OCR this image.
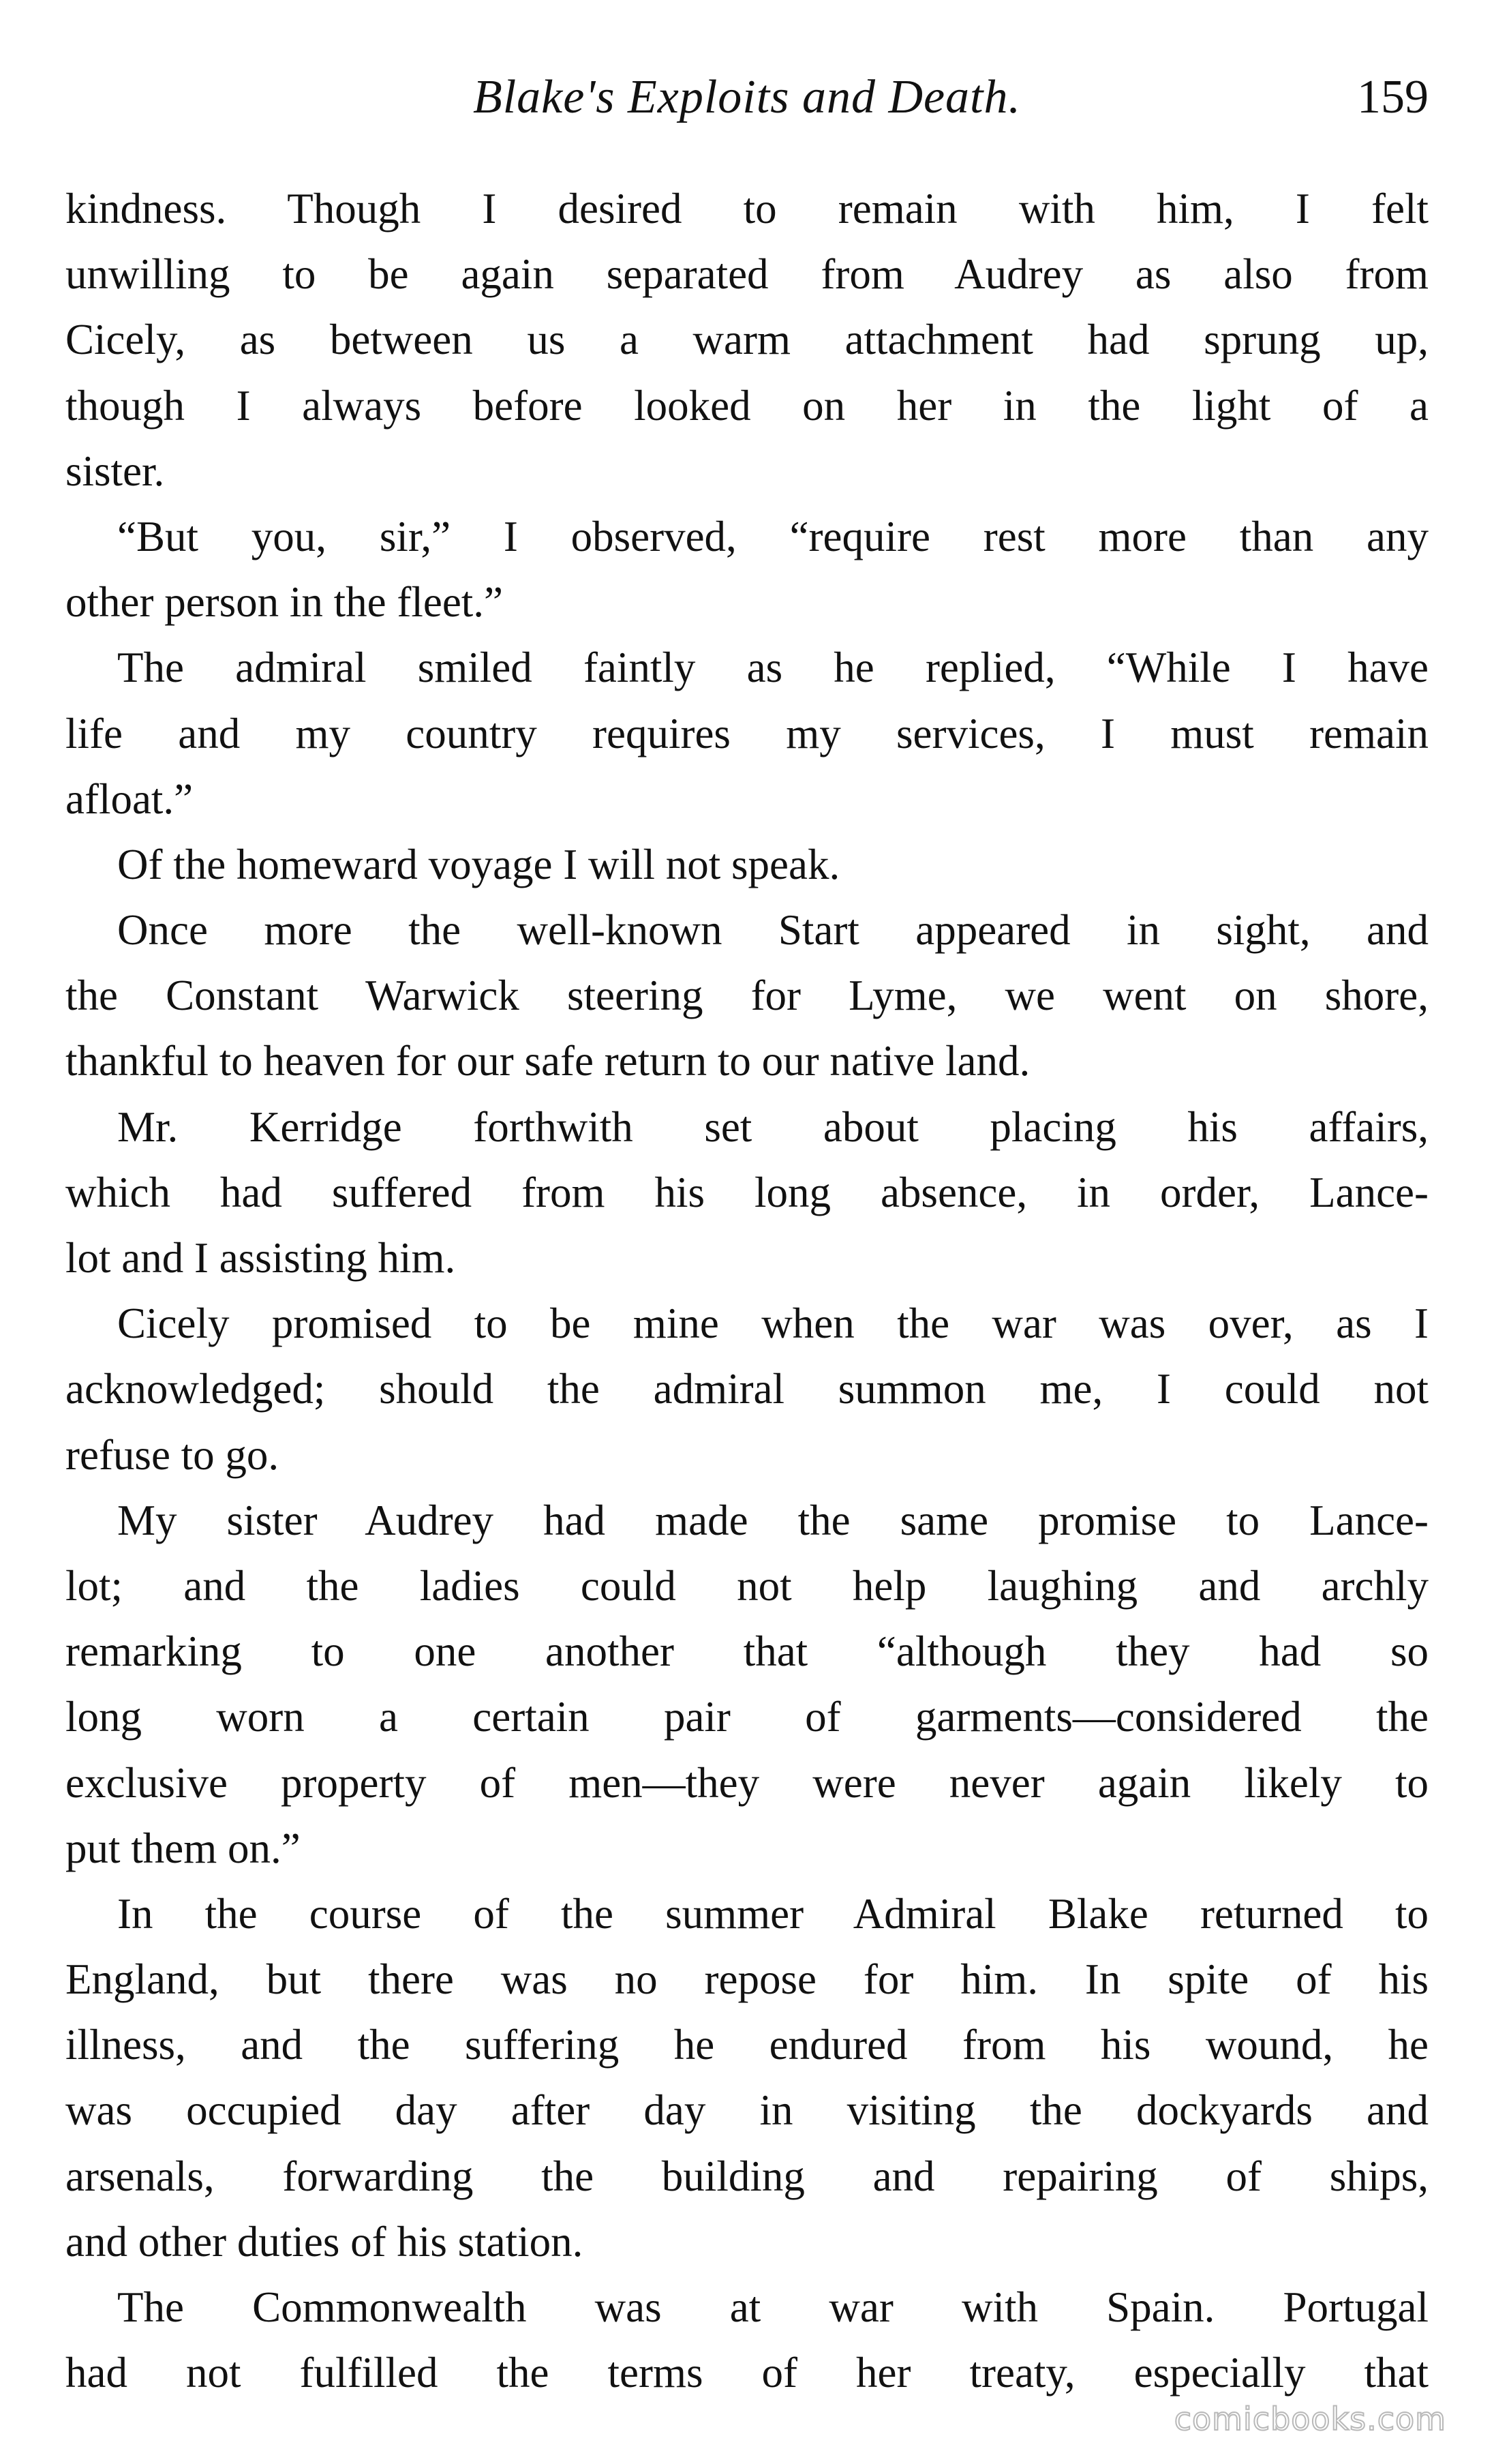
Blake's Exploits and Death.	159
kindness. Though I desired to remain with him, I felt
unwilling to be again separated from Audrey as also from
Cicely, as between us a warm attachment had sprung up,
though I always before looked on her in the light of a
sister.
“But you, sir,” I observed, “require rest more than any
other person in the fleet.”
The admiral smiled faintly as he replied, “While I have
life and my country requires my services, I must remain
afloat.”
Of the homeward voyage I will not speak.
Once more the well-known Start appeared in sight, and
the Constant Warwick steering for Lyme, we went on shore,
thankful to heaven for our safe return to our native land.
Mr. Kerridge forthwith set about placing his affairs,
which had suffered from his long absence, in order, Lance-
lot and I assisting him.
Cicely promised to be mine when the war was over, as I
acknowledged; should the admiral summon me, I could not
refuse to go.
My sister Audrey had made the same promise to Lance-
lot; and the ladies could not help laughing and archly
remarking to one another that “although they had so
long worn a certain pair of garments—considered the
exclusive property of men—they were never again likely to
put them on.”
In the course of the summer Admiral Blake returned to
England, but there was no repose for him. In spite of his
illness, and the suffering he endured from his wound, he
was occupied day after day in visiting the dockyards and
arsenals, forwarding the building and repairing of ships,
and other duties of his station.
The Commonwealth was at war with Spain. Portugal
had not fulfilled the terms of her treaty, especially that
comicbooks.com
